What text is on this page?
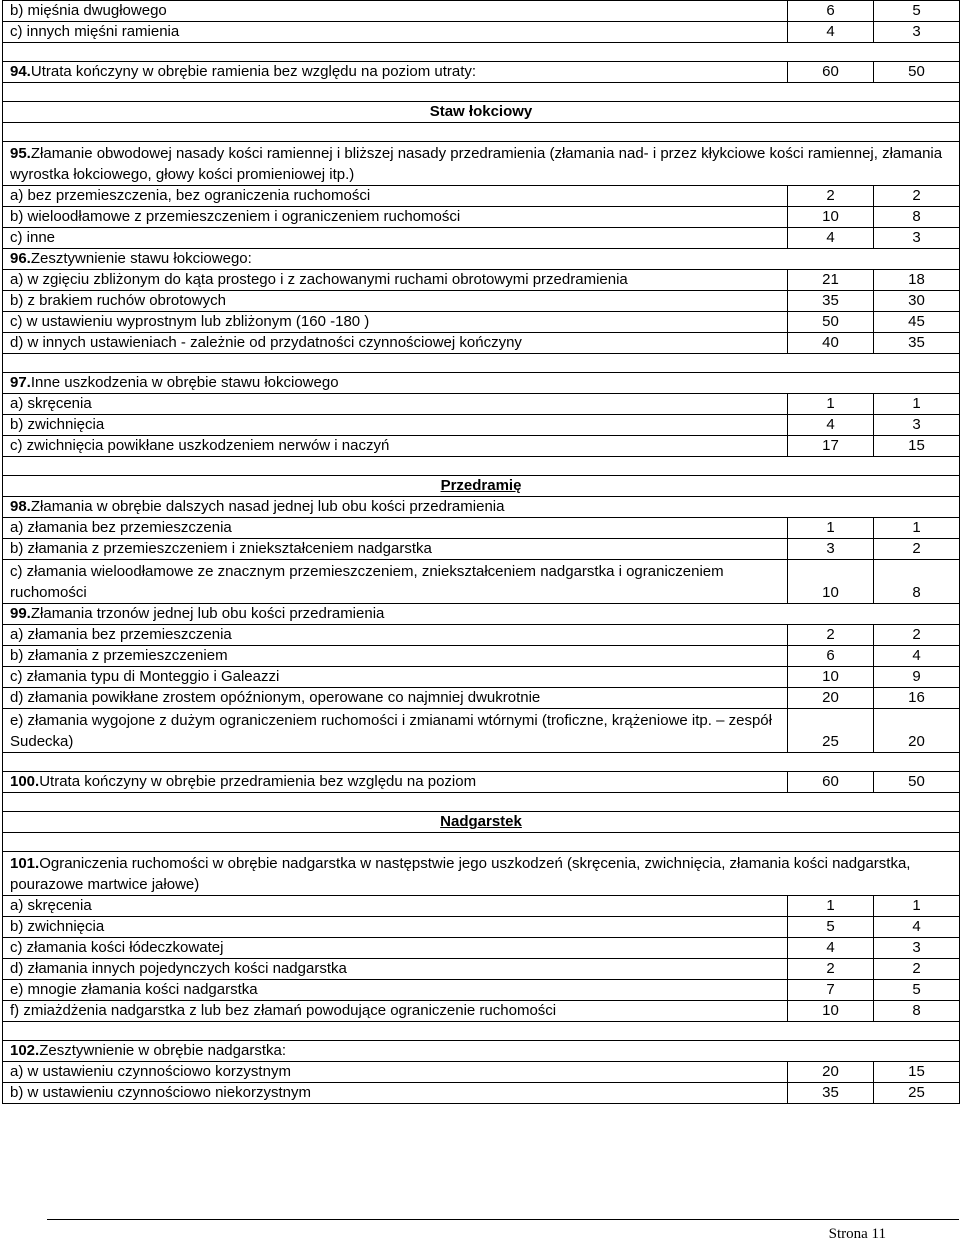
b) mięśnia dwugłowego	6	5
c) innych mięśni ramienia	4	3

94.Utrata kończyny w obrębie ramienia bez względu na poziom utraty:	60	50

Staw łokciowy		

95.Złamanie obwodowej nasady kości ramiennej i bliższej nasady przedramienia (złamania nad- i przez kłykciowe kości ramiennej, złamania wyrostka łokciowego, głowy kości promieniowej itp.)		
a) bez przemieszczenia, bez ograniczenia ruchomości	2	2
b) wieloodłamowe z przemieszczeniem i ograniczeniem ruchomości	10	8
c) inne	4	3
96.Zesztywnienie stawu łokciowego:		
a) w zgięciu zbliżonym do kąta prostego i z zachowanymi ruchami obrotowymi przedramienia	21	18
b) z brakiem ruchów obrotowych	35	30
c) w ustawieniu wyprostnym lub zbliżonym (160 -180 )	50	45
d) w innych ustawieniach - zależnie od przydatności czynnościowej kończyny	40	35

97.Inne uszkodzenia w obrębie stawu łokciowego		
a) skręcenia	1	1
b) zwichnięcia	4	3
c) zwichnięcia powikłane uszkodzeniem nerwów i naczyń	17	15

Przedramię		
98.Złamania w obrębie dalszych nasad jednej lub obu kości przedramienia		
a) złamania bez przemieszczenia	1	1
b) złamania z przemieszczeniem i zniekształceniem nadgarstka	3	2
c) złamania wieloodłamowe ze znacznym przemieszczeniem, zniekształceniem nadgarstka i ograniczeniem ruchomości	10	8
99.Złamania trzonów jednej lub obu kości przedramienia		
a) złamania bez przemieszczenia	2	2
b) złamania z przemieszczeniem	6	4
c) złamania typu di Monteggio i Galeazzi	10	9
d) złamania powikłane zrostem opóźnionym, operowane co najmniej dwukrotnie	20	16
e) złamania wygojone z dużym ograniczeniem ruchomości i zmianami wtórnymi (troficzne, krążeniowe itp. – zespół Sudecka)	25	20

100.Utrata kończyny w obrębie przedramienia bez względu na poziom	60	50

Nadgarstek		

101.Ograniczenia ruchomości w obrębie nadgarstka w następstwie jego uszkodzeń (skręcenia, zwichnięcia, złamania kości nadgarstka, pourazowe martwice jałowe)		
a) skręcenia	1	1
b) zwichnięcia	5	4
c) złamania kości łódeczkowatej	4	3
d) złamania innych pojedynczych kości nadgarstka	2	2
e) mnogie złamania kości nadgarstka	7	5
f) zmiażdżenia nadgarstka z lub bez złamań powodujące ograniczenie ruchomości	10	8

102.Zesztywnienie w obrębie nadgarstka:		
a) w ustawieniu czynnościowo korzystnym	20	15
b) w ustawieniu czynnościowo niekorzystnym	35	25
Strona 11
